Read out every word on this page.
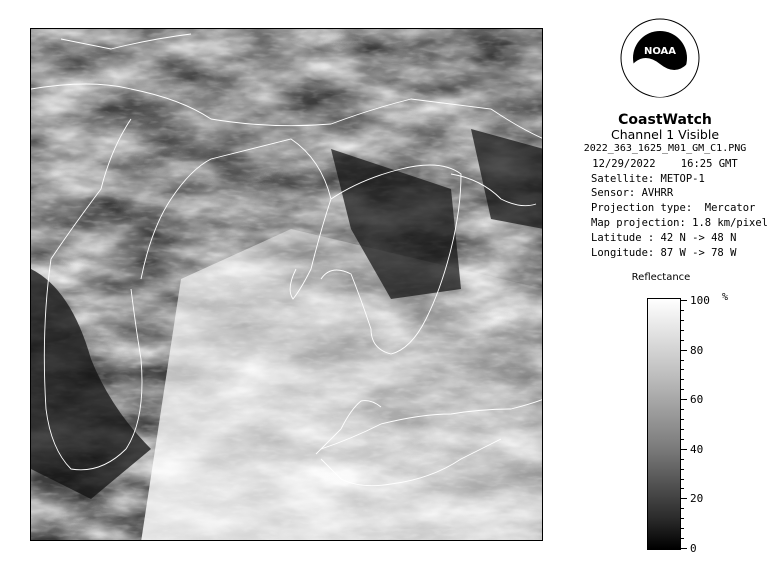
NOAA
CoastWatch
Channel 1 Visible
2022_363_1625_M01_GM_C1.PNG
12/29/2022    16:25 GMT
Satellite: METOP-1
Sensor: AVHRR
Projection type:  Mercator
Map projection: 1.8 km/pixel
Latitude : 42 N -> 48 N
Longitude: 87 W -> 78 W
Reflectance
%
100
80
60
40
20
0
